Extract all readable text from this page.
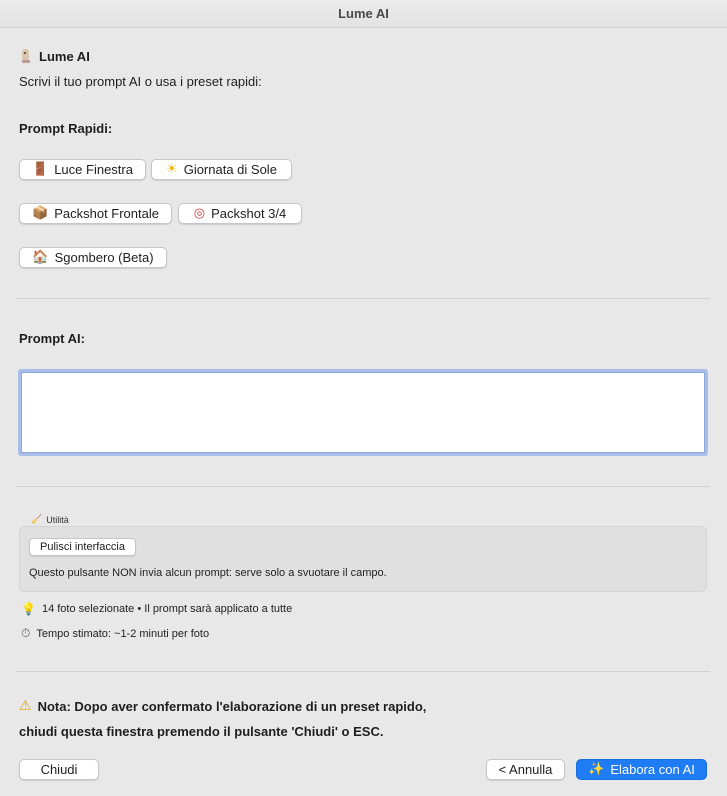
Lume AI
Lume AI
Scrivi il tuo prompt AI o usa i preset rapidi:
Prompt Rapidi:
🚪 Luce Finestra	☀ Giornata di Sole
📦 Packshot Frontale	◎ Packshot 3/4
🏠 Sgombero (Beta)
Prompt AI:
🧹 Utilità
Pulisci interfaccia
Questo pulsante NON invia alcun prompt: serve solo a svuotare il campo.
💡 14 foto selezionate • Il prompt sarà applicato a tutte
⏱ Tempo stimato: ~1-2 minuti per foto
⚠ Nota: Dopo aver confermato l'elaborazione di un preset rapido,
chiudi questa finestra premendo il pulsante 'Chiudi' o ESC.
Chiudi	< Annulla	✨ Elabora con AI
